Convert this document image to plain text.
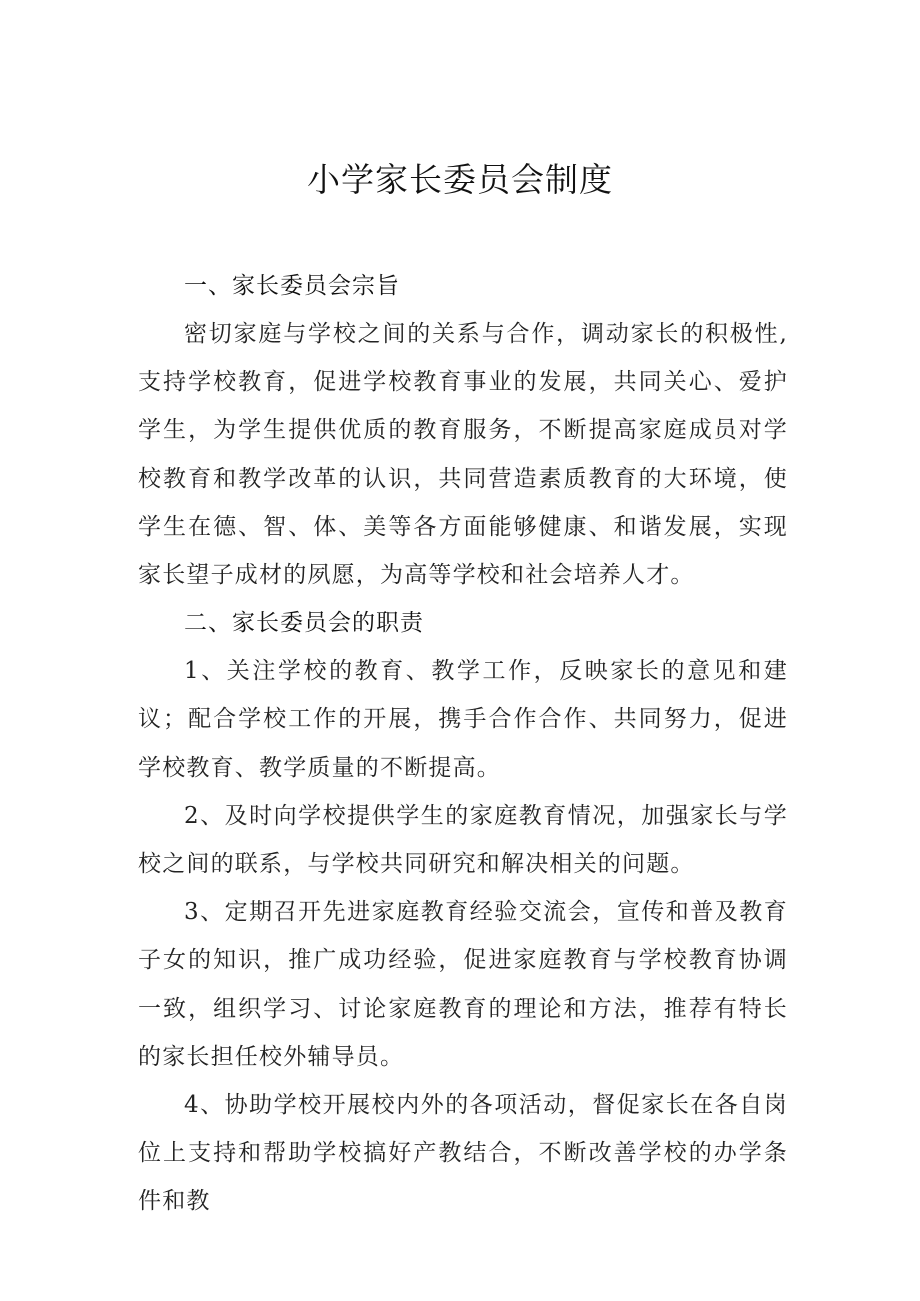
小学家长委员会制度

一、家长委员会宗旨

密切家庭与学校之间的关系与合作，调动家长的积极性,支持学校教育，促进学校教育事业的发展，共同关心、爱护学生，为学生提供优质的教育服务，不断提高家庭成员对学校教育和教学改革的认识，共同营造素质教育的大环境，使学生在德、智、体、美等各方面能够健康、和谐发展，实现家长望子成材的夙愿，为高等学校和社会培养人才。

二、家长委员会的职责

1、关注学校的教育、教学工作，反映家长的意见和建议；配合学校工作的开展，携手合作合作、共同努力，促进学校教育、教学质量的不断提高。

2、及时向学校提供学生的家庭教育情况，加强家长与学校之间的联系，与学校共同研究和解决相关的问题。

3、定期召开先进家庭教育经验交流会，宣传和普及教育子女的知识，推广成功经验，促进家庭教育与学校教育协调一致，组织学习、讨论家庭教育的理论和方法，推荐有特长的家长担任校外辅导员。

4、协助学校开展校内外的各项活动，督促家长在各自岗位上支持和帮助学校搞好产教结合，不断改善学校的办学条件和教
